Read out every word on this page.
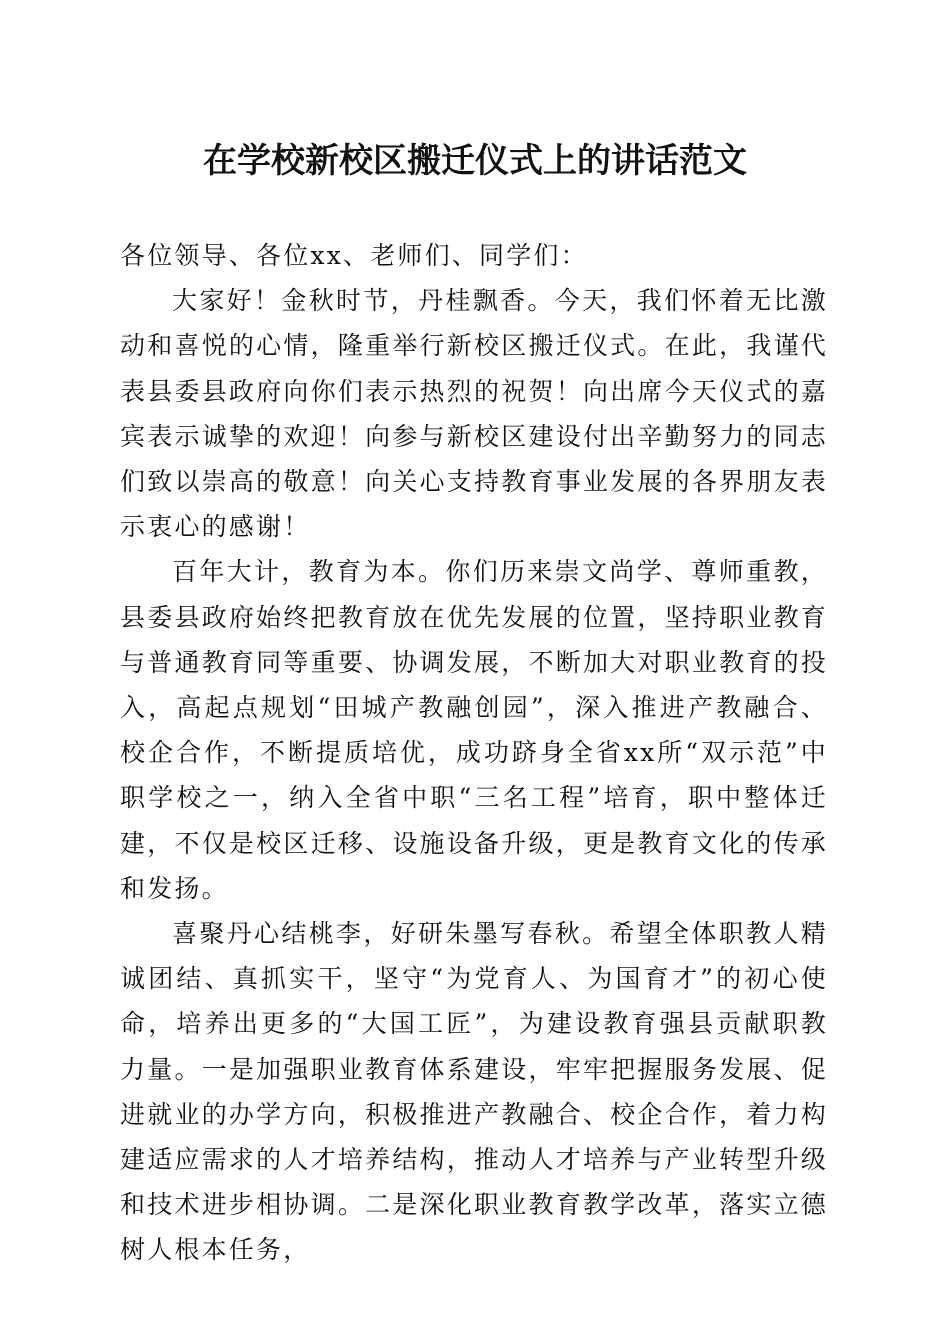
在学校新校区搬迁仪式上的讲话范文

各位领导、各位xx、老师们、同学们：

大家好！金秋时节，丹桂飘香。今天，我们怀着无比激动和喜悦的心情，隆重举行新校区搬迁仪式。在此，我谨代表县委县政府向你们表示热烈的祝贺！向出席今天仪式的嘉宾表示诚挚的欢迎！向参与新校区建设付出辛勤努力的同志们致以崇高的敬意！向关心支持教育事业发展的各界朋友表示衷心的感谢！

百年大计，教育为本。你们历来崇文尚学、尊师重教，县委县政府始终把教育放在优先发展的位置，坚持职业教育与普通教育同等重要、协调发展，不断加大对职业教育的投入，高起点规划“田城产教融创园”，深入推进产教融合、校企合作，不断提质培优，成功跻身全省xx所“双示范”中职学校之一，纳入全省中职“三名工程”培育，职中整体迁建，不仅是校区迁移、设施设备升级，更是教育文化的传承和发扬。

喜聚丹心结桃李，好研朱墨写春秋。希望全体职教人精诚团结、真抓实干，坚守“为党育人、为国育才”的初心使命，培养出更多的“大国工匠”，为建设教育强县贡献职教力量。一是加强职业教育体系建设，牢牢把握服务发展、促进就业的办学方向，积极推进产教融合、校企合作，着力构建适应需求的人才培养结构，推动人才培养与产业转型升级和技术进步相协调。二是深化职业教育教学改革，落实立德树人根本任务，
